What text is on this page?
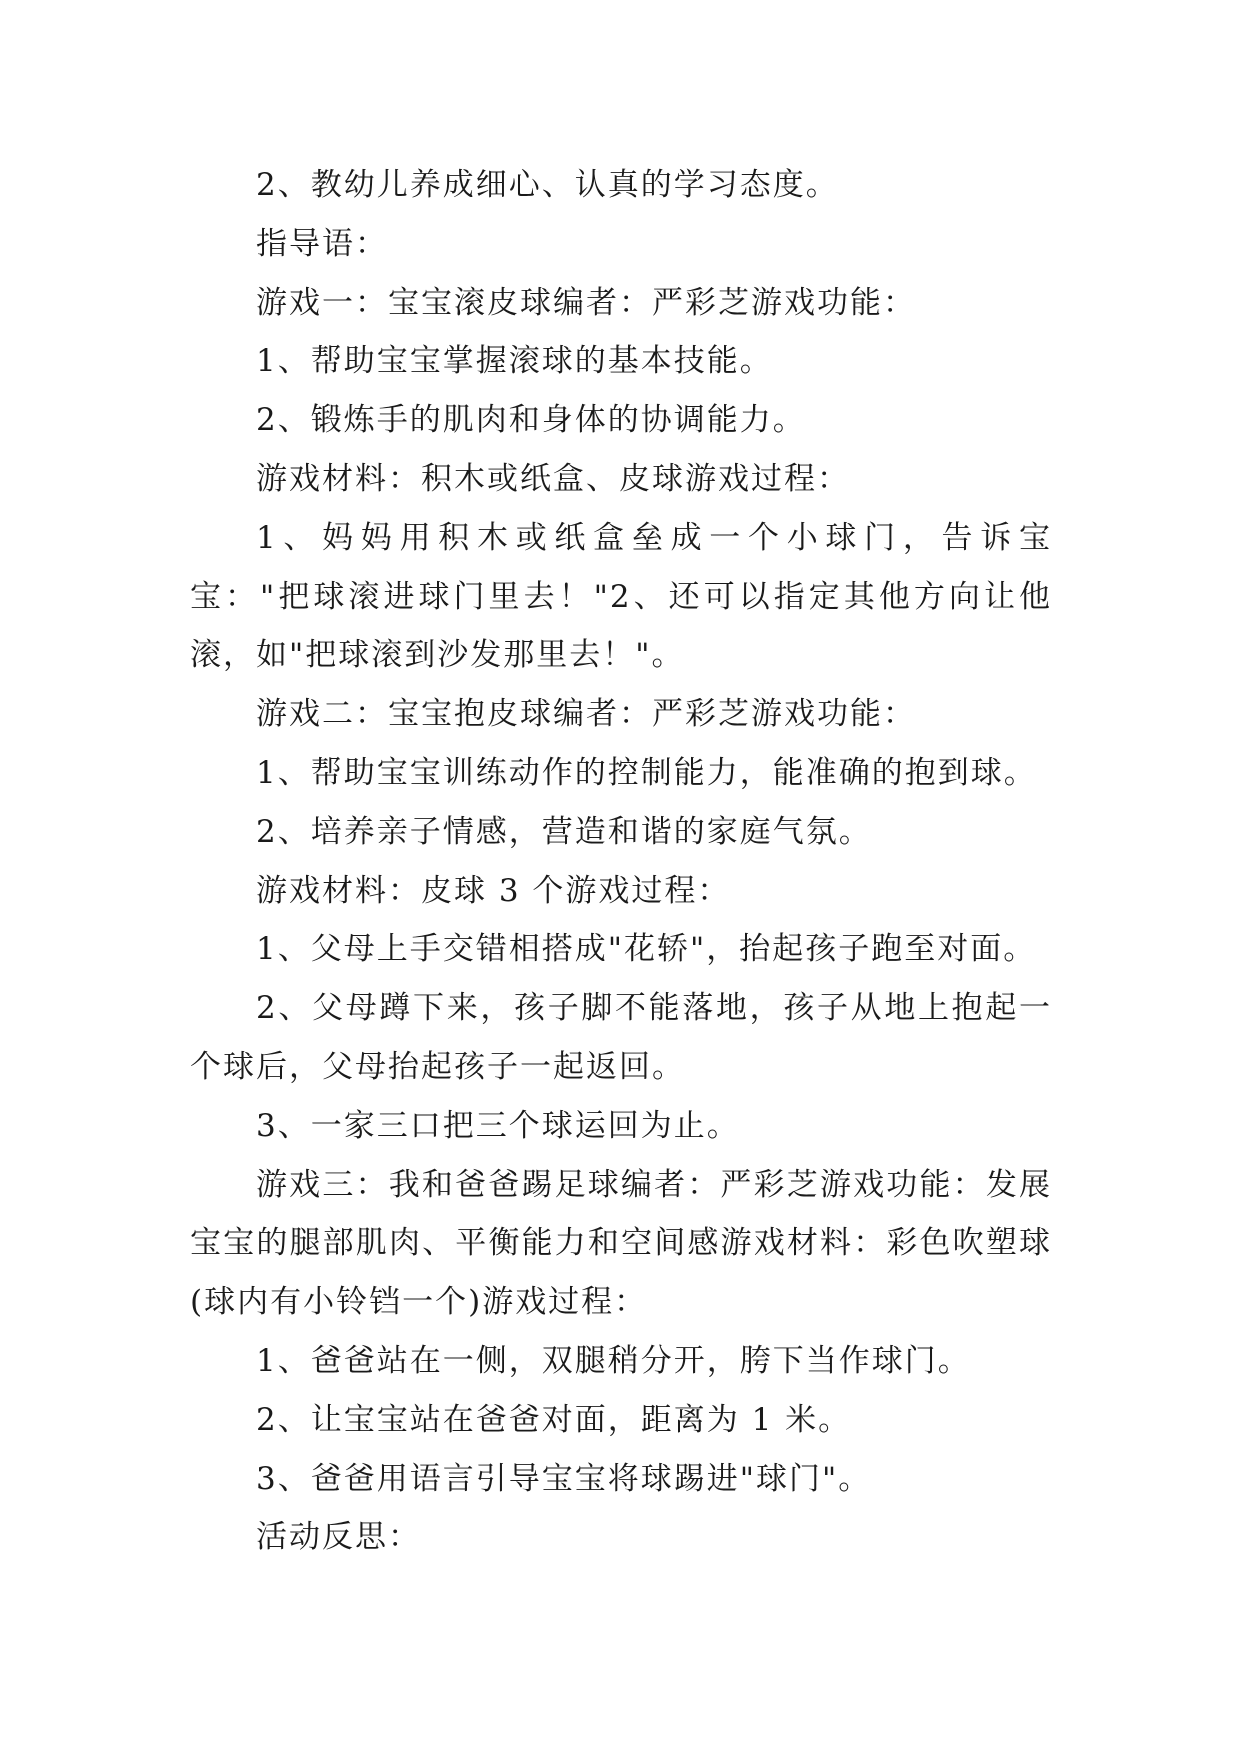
2、教幼儿养成细心、认真的学习态度。

指导语：

游戏一：宝宝滚皮球编者：严彩芝游戏功能：

1、帮助宝宝掌握滚球的基本技能。

2、锻炼手的肌肉和身体的协调能力。

游戏材料：积木或纸盒、皮球游戏过程：

1、妈妈用积木或纸盒垒成一个小球门，告诉宝宝："把球滚进球门里去！"2、还可以指定其他方向让他滚，如"把球滚到沙发那里去！"。

游戏二：宝宝抱皮球编者：严彩芝游戏功能：

1、帮助宝宝训练动作的控制能力，能准确的抱到球。

2、培养亲子情感，营造和谐的家庭气氛。

游戏材料：皮球 3 个游戏过程：

1、父母上手交错相搭成"花轿"，抬起孩子跑至对面。

2、父母蹲下来，孩子脚不能落地，孩子从地上抱起一个球后，父母抬起孩子一起返回。

3、一家三口把三个球运回为止。

游戏三：我和爸爸踢足球编者：严彩芝游戏功能：发展宝宝的腿部肌肉、平衡能力和空间感游戏材料：彩色吹塑球(球内有小铃铛一个)游戏过程：

1、爸爸站在一侧，双腿稍分开，胯下当作球门。

2、让宝宝站在爸爸对面，距离为 1 米。

3、爸爸用语言引导宝宝将球踢进"球门"。

活动反思：
